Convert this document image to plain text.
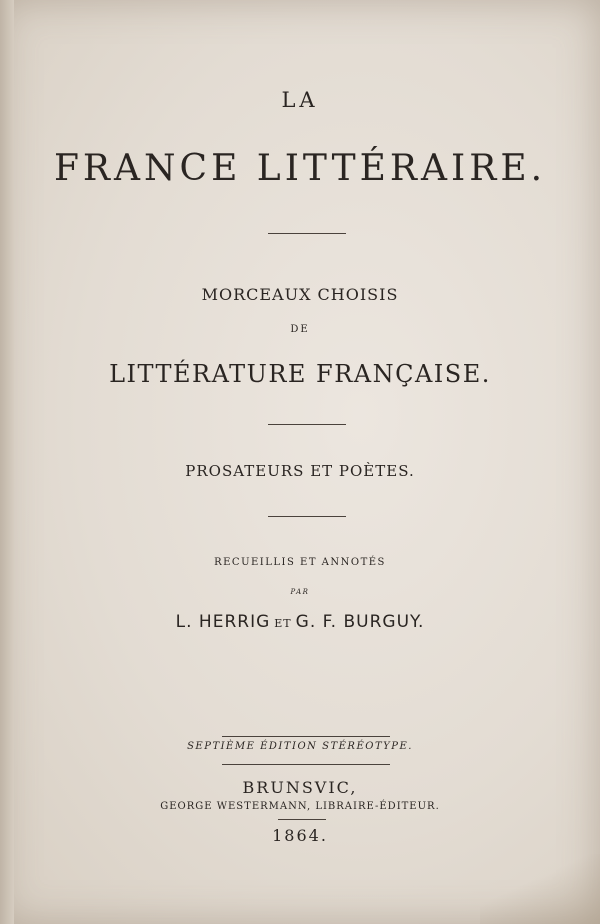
LA
FRANCE LITTÉRAIRE.
MORCEAUX CHOISIS
DE
LITTÉRATURE FRANÇAISE.
PROSATEURS ET POÈTES.
RECUEILLIS ET ANNOTÉS
PAR
L. HERRIG ET G. F. BURGUY.
SEPTIÈME ÉDITION STÉRÉOTYPE.
BRUNSVIC,
GEORGE WESTERMANN, LIBRAIRE-ÉDITEUR.
1864.
